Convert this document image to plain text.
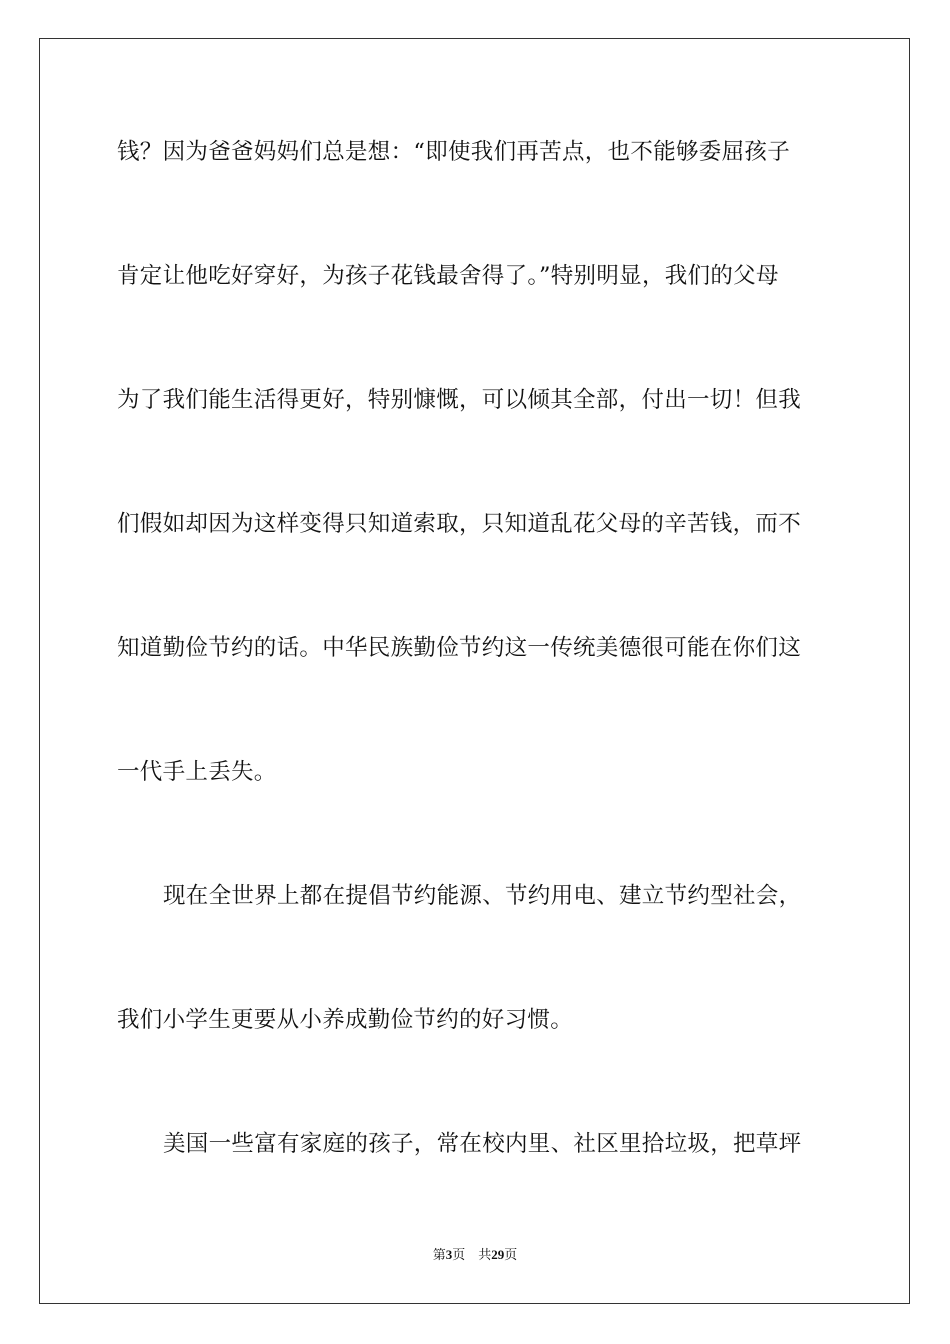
钱？因为爸爸妈妈们总是想：“即使我们再苦点，也不能够委屈孩子
肯定让他吃好穿好，为孩子花钱最舍得了。”特别明显，我们的父母
为了我们能生活得更好，特别慷慨，可以倾其全部，付出一切！但我
们假如却因为这样变得只知道索取，只知道乱花父母的辛苦钱，而不
知道勤俭节约的话。中华民族勤俭节约这一传统美德很可能在你们这
一代手上丢失。
现在全世界上都在提倡节约能源、节约用电、建立节约型社会，
我们小学生更要从小养成勤俭节约的好习惯。
美国一些富有家庭的孩子，常在校内里、社区里拾垃圾，把草坪
第3页 共29页
